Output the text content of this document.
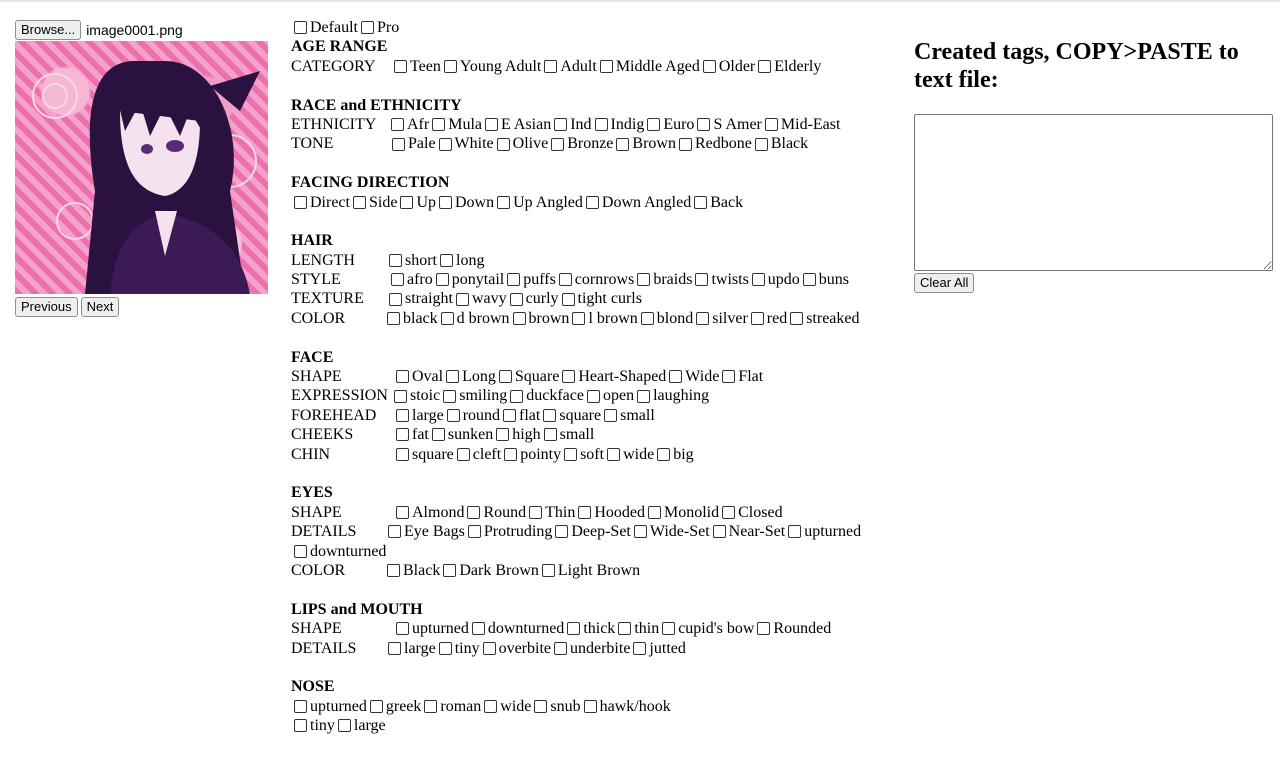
Browse... image0001.png
Previous	Next
Default Pro
AGE RANGE
CATEGORY	Teen Young Adult Adult Middle Aged Older Elderly
RACE and ETHNICITY
ETHNICITY	Afr Mula E Asian Ind Indig Euro S Amer Mid-East
TONE	Pale White Olive Bronze Brown Redbone Black
FACING DIRECTION
Direct Side Up Down Up Angled Down Angled Back
HAIR
LENGTH	short long
STYLE	afro ponytail puffs cornrows braids twists updo buns
TEXTURE	straight wavy curly tight curls
COLOR	black d brown brown l brown blond silver red streaked
FACE
SHAPE	Oval Long Square Heart-Shaped Wide Flat
EXPRESSION stoic smiling duckface open laughing
FOREHEAD	large round flat square small
CHEEKS	fat sunken high small
CHIN	square cleft pointy soft wide big
EYES
SHAPE	Almond Round Thin Hooded Monolid Closed
DETAILS	Eye Bags Protruding Deep-Set Wide-Set Near-Set upturned
downturned
COLOR	Black Dark Brown Light Brown
LIPS and MOUTH
SHAPE	upturned downturned thick thin cupid's bow Rounded
DETAILS	large tiny overbite underbite jutted
NOSE
upturned greek roman wide snub hawk/hook
tiny large
Created tags, COPY>PASTE to text file:
Clear All
